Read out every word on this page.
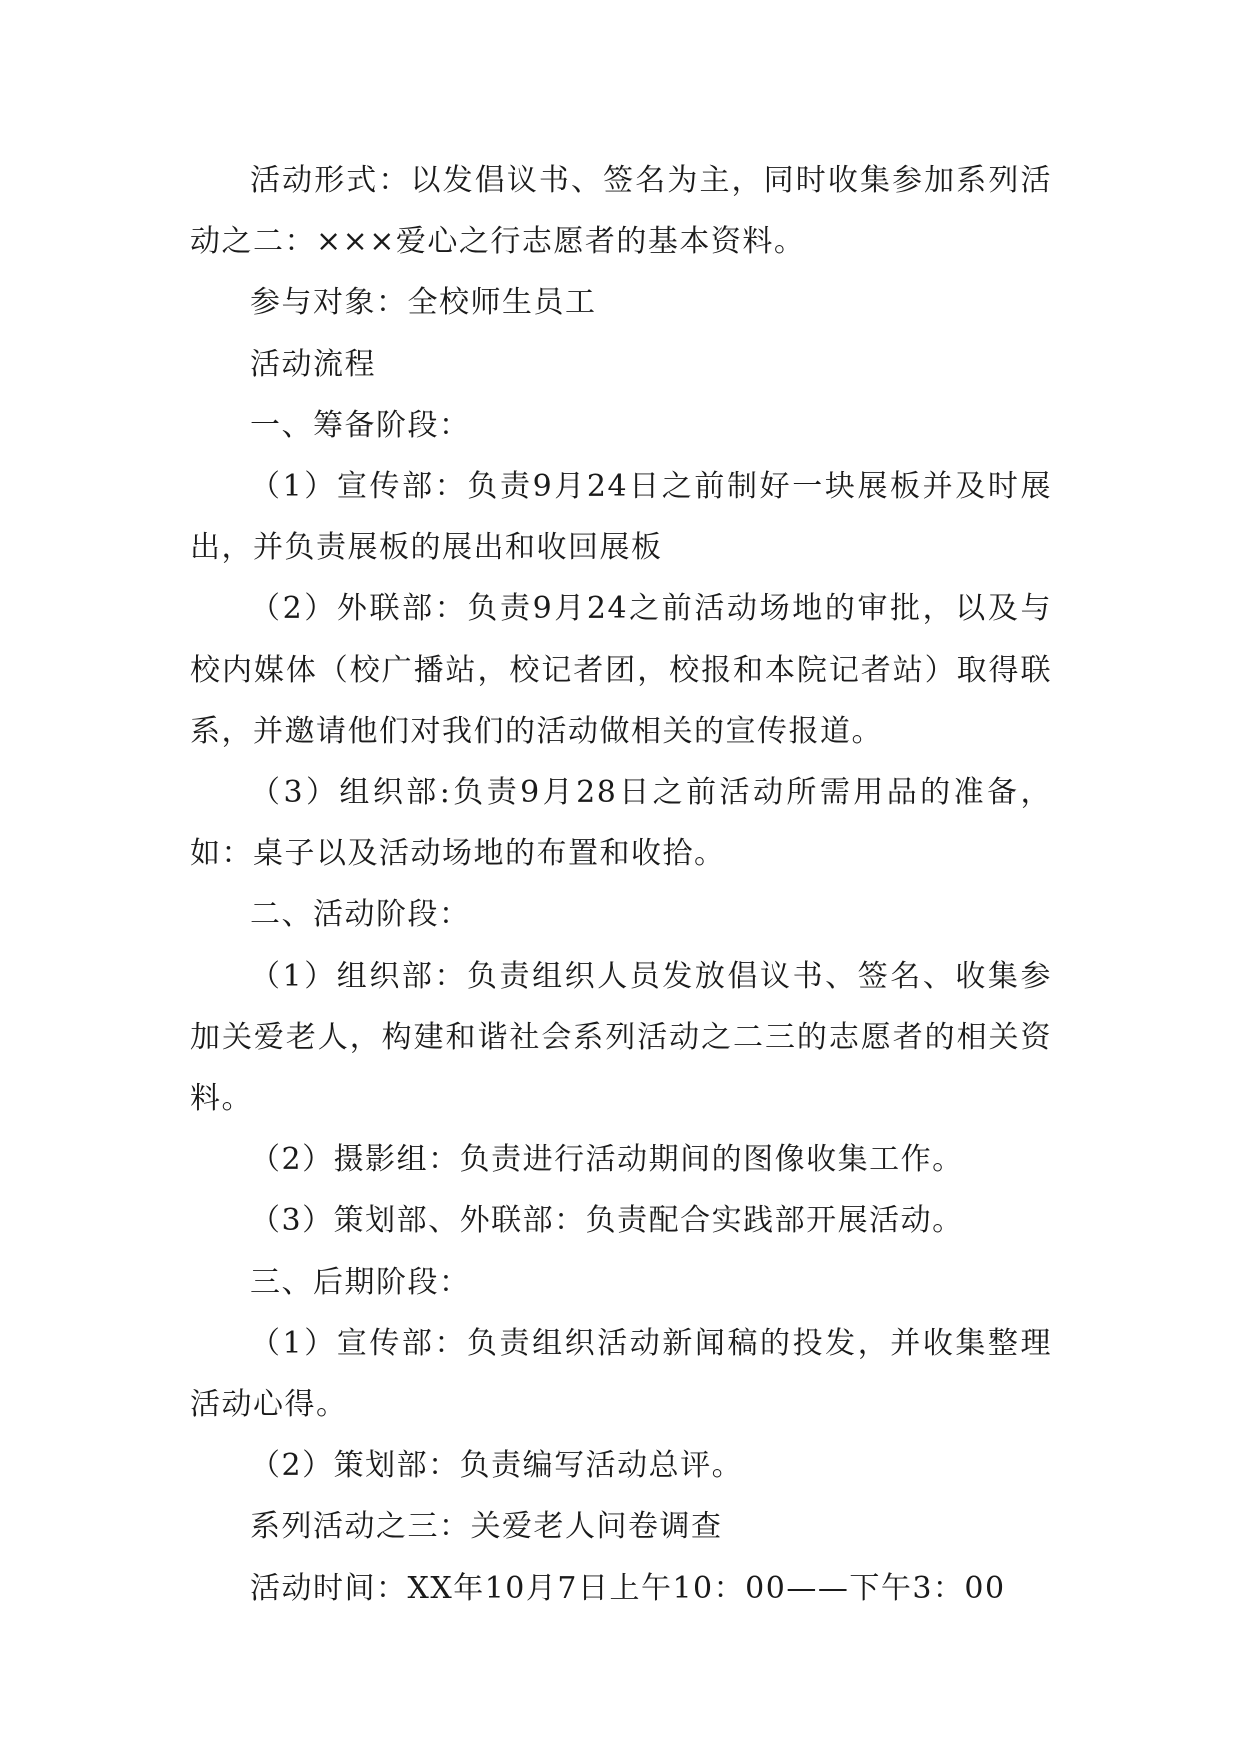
活动形式：以发倡议书、签名为主，同时收集参加系列活动之二：×××爱心之行志愿者的基本资料。

参与对象：全校师生员工

活动流程

一、筹备阶段：

（1）宣传部：负责9月24日之前制好一块展板并及时展出，并负责展板的展出和收回展板

（2）外联部：负责9月24之前活动场地的审批，以及与校内媒体（校广播站，校记者团，校报和本院记者站）取得联系，并邀请他们对我们的活动做相关的宣传报道。

（3）组织部:负责9月28日之前活动所需用品的准备，如：桌子以及活动场地的布置和收拾。

二、活动阶段：

（1）组织部：负责组织人员发放倡议书、签名、收集参加关爱老人，构建和谐社会系列活动之二三的志愿者的相关资料。

（2）摄影组：负责进行活动期间的图像收集工作。

（3）策划部、外联部：负责配合实践部开展活动。

三、后期阶段：

（1）宣传部：负责组织活动新闻稿的投发，并收集整理活动心得。

（2）策划部：负责编写活动总评。

系列活动之三：关爱老人问卷调查

活动时间：XX年10月7日上午10：00——下午3：00
